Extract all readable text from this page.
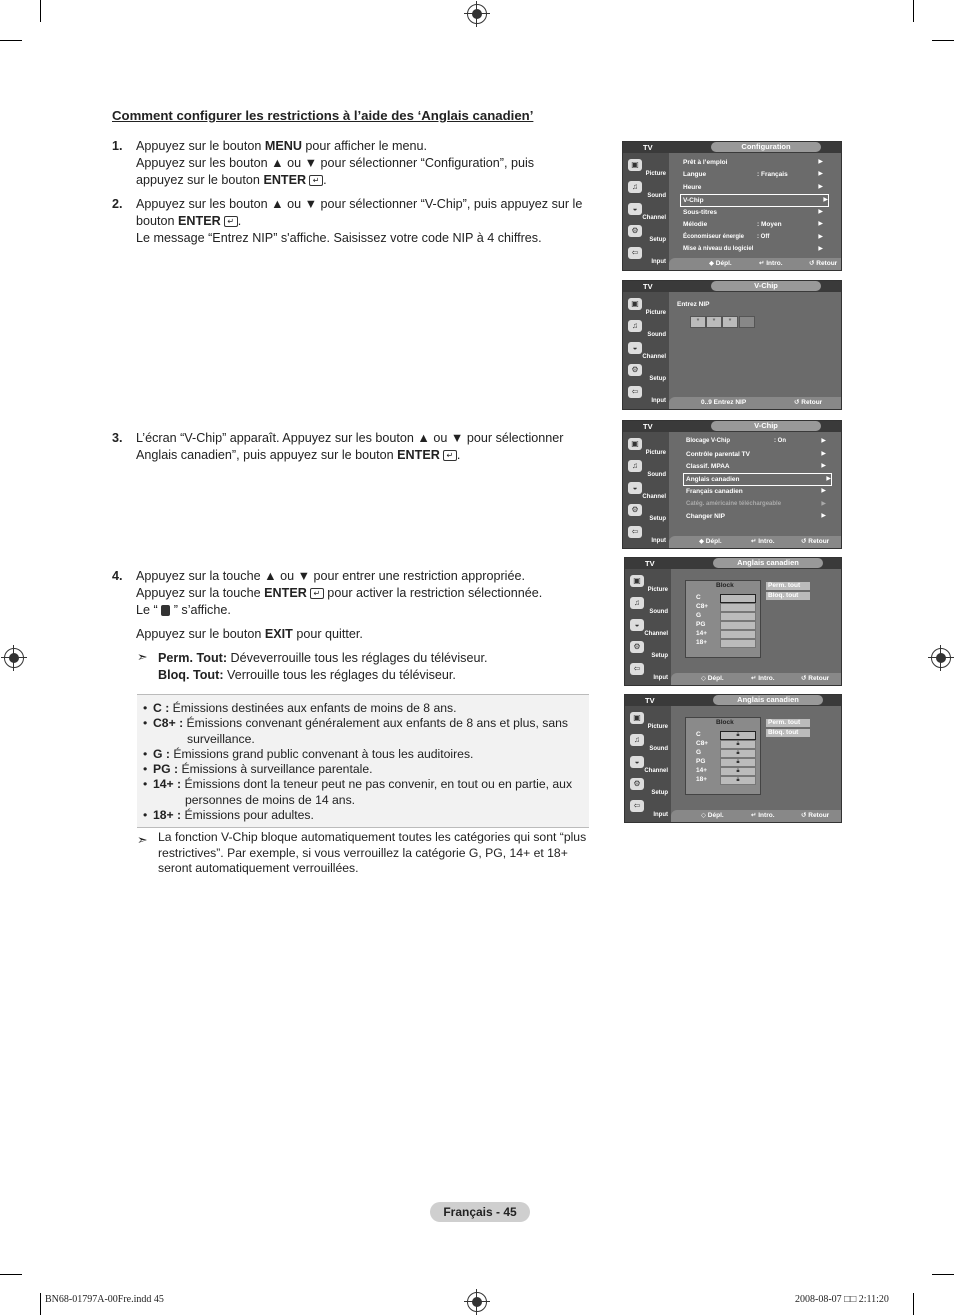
Comment configurer les restrictions à l’aide des ‘Anglais canadien’
1. Appuyez sur le bouton MENU pour afficher le menu.
Appuyez sur les bouton ▲ ou ▼ pour sélectionner “Configuration”, puis
appuyez sur le bouton ENTER ↵ .
2. Appuyez sur les bouton ▲ ou ▼ pour sélectionner “V-Chip”, puis appuyez sur le
bouton ENTER ↵ .
Le message “Entrez NIP” s'affiche. Saisissez votre code NIP à 4 chiffres.
3. L’écran “V-Chip” apparaît. Appuyez sur les bouton ▲ ou ▼ pour sélectionner
Anglais canadien”, puis appuyez sur le bouton ENTER ↵ .
4. Appuyez sur la touche ▲ ou ▼ pour entrer une restriction appropriée.
Appuyez sur la touche ENTER ↵ pour activer la restriction sélectionnée.
Le “  ” s’affiche.
Appuyez sur le bouton EXIT pour quitter.
➣ Perm. Tout: Déveverrouille tous les réglages du téléviseur.
Bloq. Tout: Verrouille tous les réglages du téléviseur.
• C : Émissions destinées aux enfants de moins de 8 ans.
• C8+ : Émissions convenant généralement aux enfants de 8 ans et plus, sans
surveillance.
• G : Émissions grand public convenant à tous les auditoires.
• PG : Émissions à surveillance parentale.
• 14+ : Émissions dont la teneur peut ne pas convenir, en tout ou en partie, aux
personnes de moins de 14 ans.
• 18+ : Émissions pour adultes.
➣ La fonction V-Chip bloque automatiquement toutes les catégories qui sont “plus
restrictives”. Par exemple, si vous verrouillez la catégorie G, PG, 14+ et 18+
seront automatiquement verrouillées.
TV	Configuration
▣
Picture
♫
Sound
◒
Channel
⚙
Setup
⇦
Input
Prêt à l’emploi	▶
Langue	: Français	▶
Heure	▶
V-Chip	▶
Sous-titres	▶
Mélodie	: Moyen	▶
Économiseur énergie : Off	▶
Mise à niveau du logiciel	▶
◆ Dépl.	↵ Intro.	↺ Retour
TV	V-Chip
▣
Picture
♫
Sound
◒
Channel
⚙
Setup
⇦
Input
Entrez NIP
*	*	*
0..9 Entrez NIP	↺ Retour
TV	V-Chip
▣
Picture
♫
Sound
◒
Channel
⚙
Setup
⇦
Input
Blocage V-Chip	: On	▶
Contrôle parental TV	▶
Classif. MPAA	▶
Anglais canadien	▶
Français canadien	▶
Catég. américaine téléchargeable	▶
Changer NIP	▶
◆ Dépl.	↵ Intro.	↺ Retour
TV	Anglais canadien
▣
Picture
♫
Sound
◒
Channel
⚙
Setup
⇦
Input
Block
C
C8+
G
PG
14+
18+
Perm. tout
Bloq. tout
◇ Dépl.	↵ Intro.	↺ Retour
TV	Anglais canadien
▣
Picture
♫
Sound
◒
Channel
⚙
Setup
⇦
Input
Block
C	🔒︎
C8+	🔒︎
G	🔒︎
PG	🔒︎
14+	🔒︎
18+	🔒︎
Perm. tout
Bloq. tout
◇ Dépl.	↵ Intro.	↺ Retour
Français - 45
BN68-01797A-00Fre.indd 45	2008-08-07 □□ 2:11:20
